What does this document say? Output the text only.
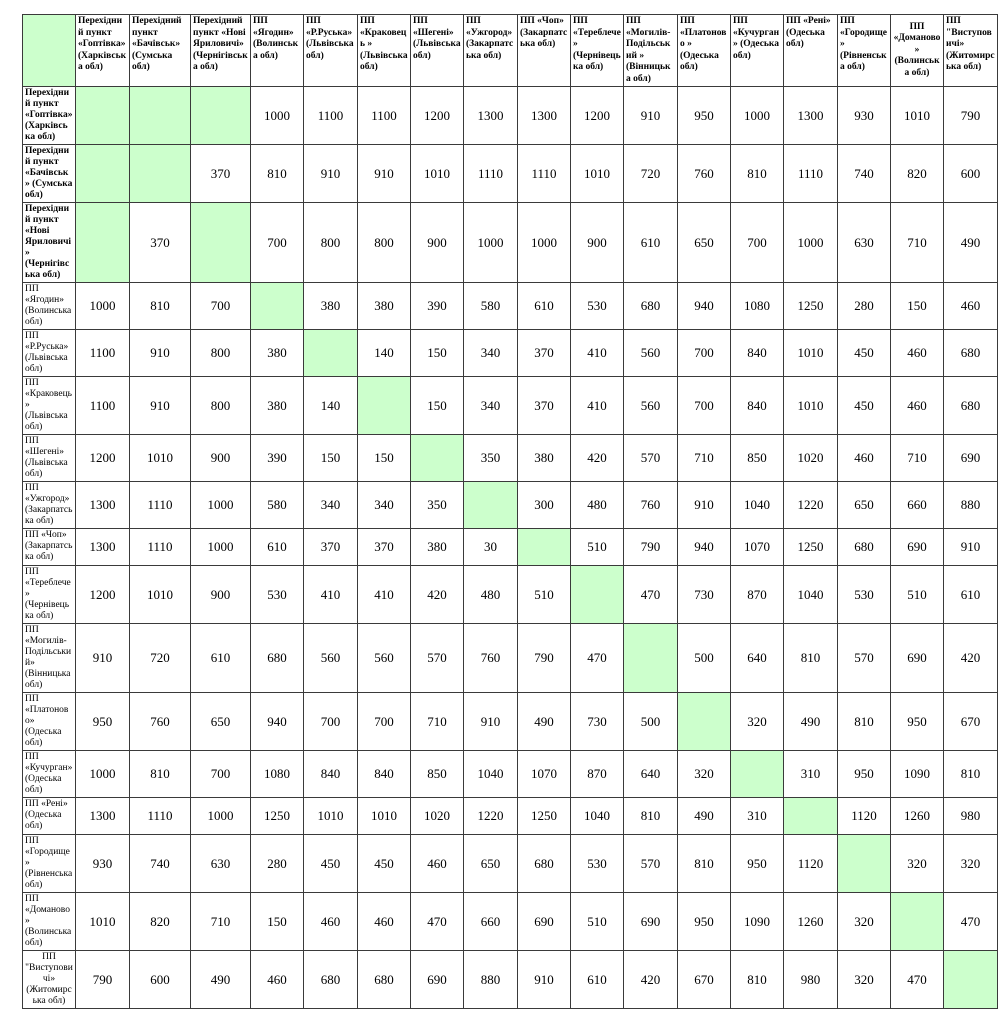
	Перехідний пункт «Гоптівка» (Харківська обл)	Перехідний пункт «Бачівськ» (Сумська обл)	Перехідний пункт «Нові Яриловичі» (Чернігівська обл)	ПП «Ягодин» (Волинська обл)	ПП «Р.Руська» (Львівська обл)	ПП «Краковець » (Львівська обл)	ПП «Шегені» (Львівська обл)	ПП «Ужгород» (Закарпатська обл)	ПП «Чоп» (Закарпатська обл)	ПП «Тереблече» (Чернівецька обл)	ПП «Могилів-Подільський » (Вінницька обл)	ПП «Платоново » (Одеська обл)	ПП «Кучурган» (Одеська обл)	ПП «Рені» (Одеська обл)	ПП «Городище» (Рівненська обл)	ПП «Доманово» (Волинська обл)	ПП "Виступовичі» (Житомирська обл)
Перехідний пункт «Гоптівка» (Харківська обл)				1000	1100	1100	1200	1300	1300	1200	910	950	1000	1300	930	1010	790
Перехідний пункт «Бачівськ» (Сумська обл)			370	810	910	910	1010	1110	1110	1010	720	760	810	1110	740	820	600
Перехідний пункт «Нові Яриловичі» (Чернігівська обл)		370		700	800	800	900	1000	1000	900	610	650	700	1000	630	710	490
ПП «Ягодин» (Волинська обл)	1000	810	700		380	380	390	580	610	530	680	940	1080	1250	280	150	460
ПП «Р.Руська» (Львівська обл)	1100	910	800	380		140	150	340	370	410	560	700	840	1010	450	460	680
ПП «Краковець» (Львівська обл)	1100	910	800	380	140		150	340	370	410	560	700	840	1010	450	460	680
ПП «Шегені» (Львівська обл)	1200	1010	900	390	150	150		350	380	420	570	710	850	1020	460	710	690
ПП «Ужгород» (Закарпатська обл)	1300	1110	1000	580	340	340	350		300	480	760	910	1040	1220	650	660	880
ПП «Чоп» (Закарпатська обл)	1300	1110	1000	610	370	370	380	30		510	790	940	1070	1250	680	690	910
ПП «Тереблече» (Чернівецька обл)	1200	1010	900	530	410	410	420	480	510		470	730	870	1040	530	510	610
ПП «Могилів-Подільський» (Вінницька обл)	910	720	610	680	560	560	570	760	790	470		500	640	810	570	690	420
ПП «Платоново» (Одеська обл)	950	760	650	940	700	700	710	910	490	730	500		320	490	810	950	670
ПП «Кучурган» (Одеська обл)	1000	810	700	1080	840	840	850	1040	1070	870	640	320		310	950	1090	810
ПП «Рені» (Одеська обл)	1300	1110	1000	1250	1010	1010	1020	1220	1250	1040	810	490	310		1120	1260	980
ПП «Городище» (Рівненська обл)	930	740	630	280	450	450	460	650	680	530	570	810	950	1120		320	320
ПП «Доманово» (Волинська обл)	1010	820	710	150	460	460	470	660	690	510	690	950	1090	1260	320		470
ПП "Виступовичі» (Житомирська обл)	790	600	490	460	680	680	690	880	910	610	420	670	810	980	320	470	
